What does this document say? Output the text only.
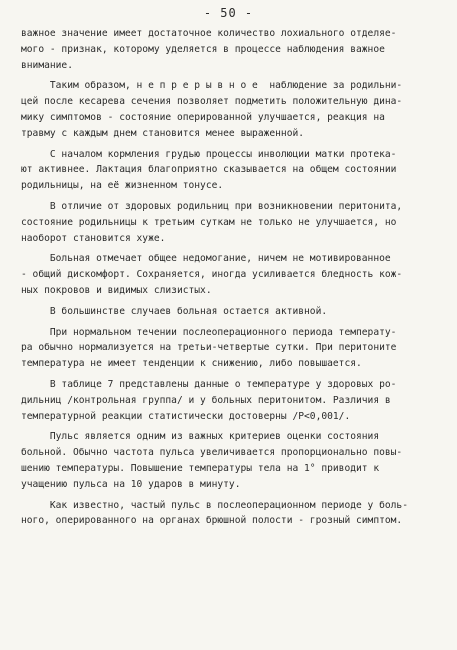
- 50 -
важное значение имеет достаточное количество лохиального отделяе-
мого - признак, которому уделяется в процессе наблюдения важное
внимание.
Таким образом, н е п р е р ы в н о е  наблюдение за родильни-
цей после кесарева сечения позволяет подметить положительную дина-
мику симптомов - состояние оперированной улучшается, реакция на
травму с каждым днем становится менее выраженной.
С началом кормления грудью процессы инволюции матки протека-
ют активнее. Лактация благоприятно сказывается на общем состоянии
родильницы, на её жизненном тонусе.
В отличие от здоровых родильниц при возникновении перитонита,
состояние родильницы к третьим суткам не только не улучшается, но
наоборот становится хуже.
Больная отмечает общее недомогание, ничем не мотивированное
- общий дискомфорт. Сохраняется, иногда усиливается бледность кож-
ных покровов и видимых слизистых.
В большинстве случаев больная остается активной.
При нормальном течении послеоперационного периода температу-
ра обычно нормализуется на третьи-четвертые сутки. При перитоните
температура не имеет тенденции к снижению, либо повышается.
В таблице 7 представлены данные о температуре у здоровых ро-
дильниц /контрольная группа/ и у больных перитонитом. Различия в
температурной реакции статистически достоверны /Р<0,001/.
Пульс является одним из важных критериев оценки состояния
больной. Обычно частота пульса увеличивается пропорционально повы-
шению температуры. Повышение температуры тела на 1° приводит к
учащению пульса на 10 ударов в минуту.
Как известно, частый пульс в послеоперационном периоде у боль-
ного, оперированного на органах брюшной полости - грозный симптом.
